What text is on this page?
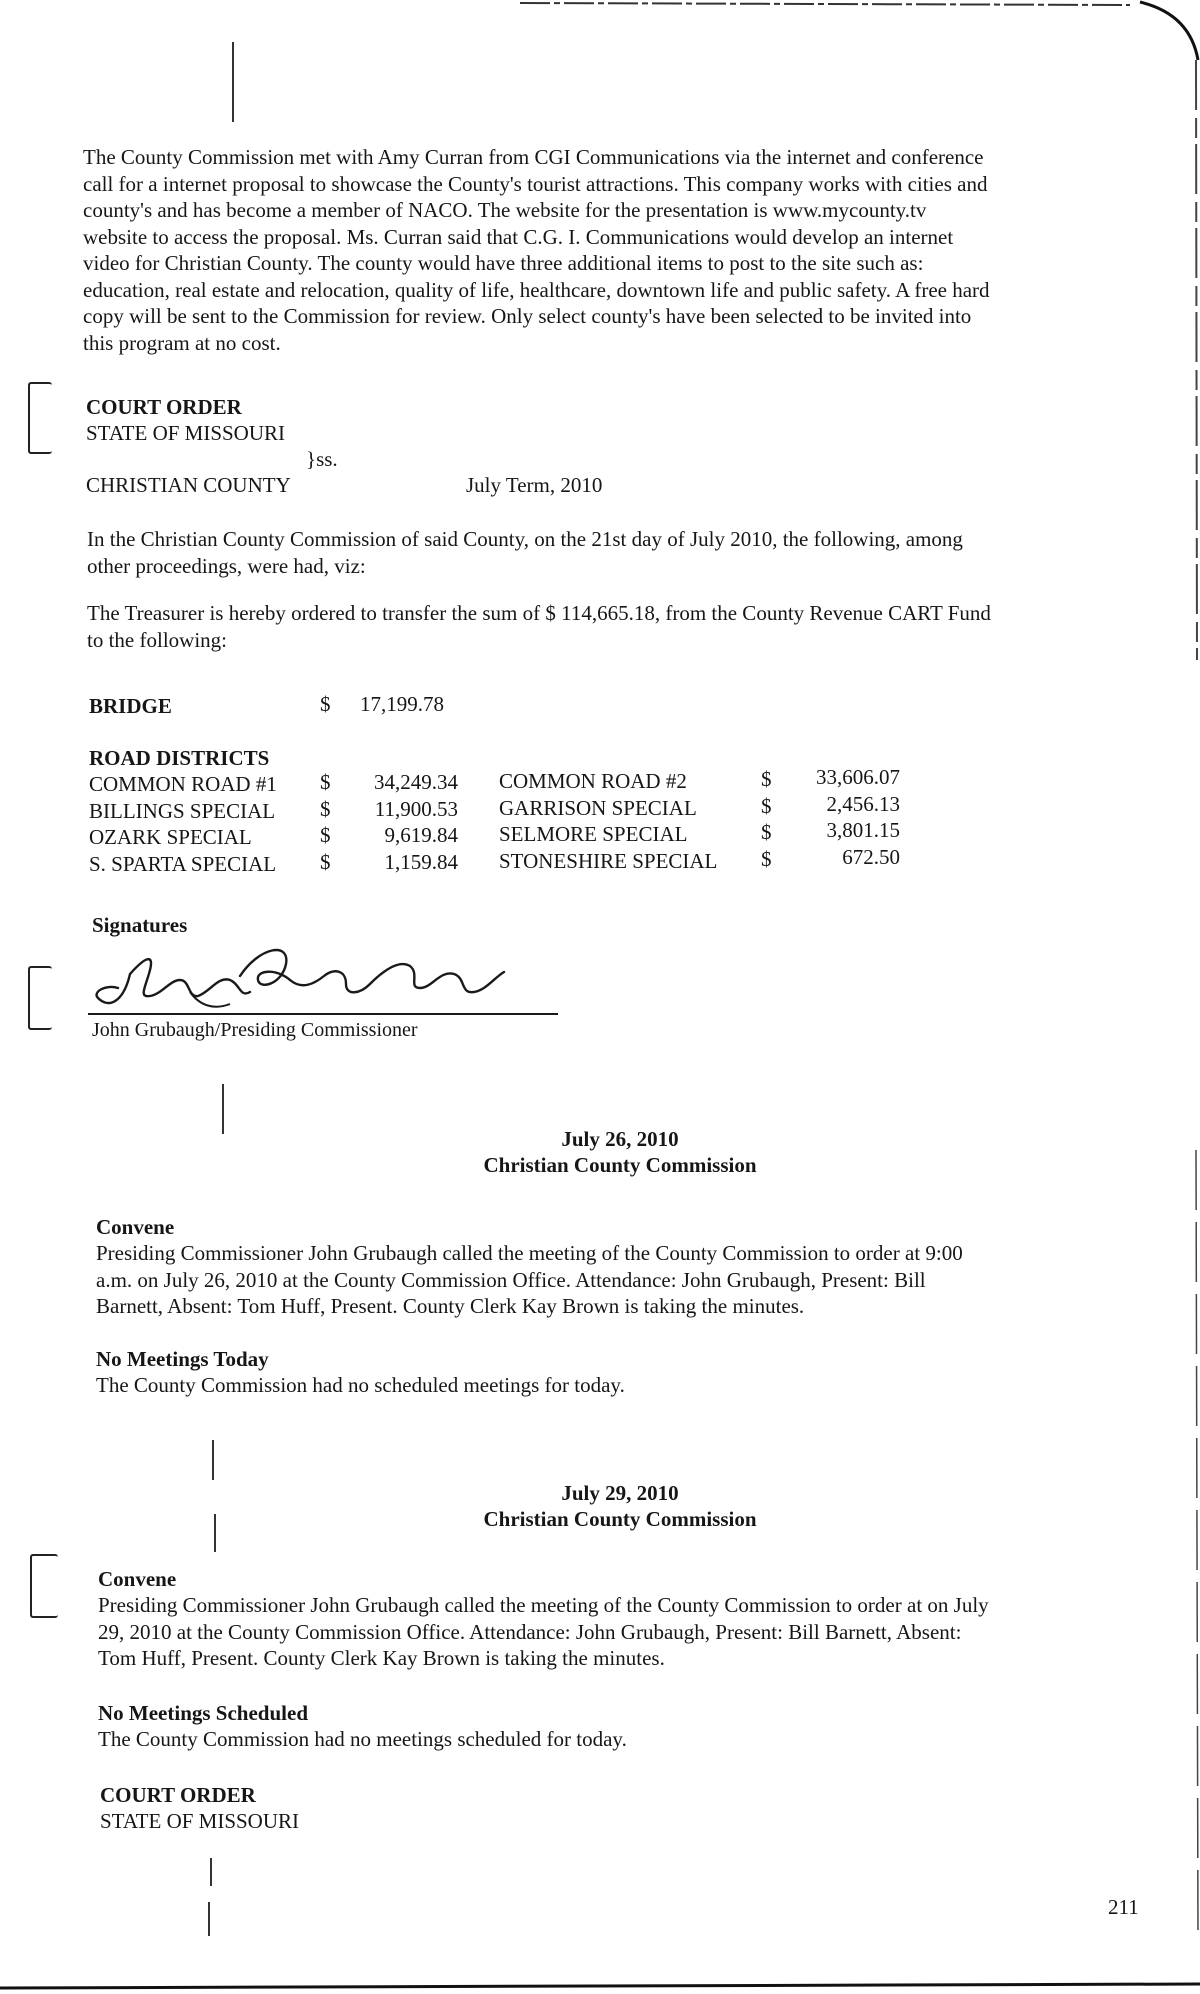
The County Commission met with Amy Curran from CGI Communications via the internet and conference
call for a internet proposal to showcase the County's tourist attractions. This company works with cities and
county's and has become a member of NACO. The website for the presentation is www.mycounty.tv
website to access the proposal. Ms. Curran said that C.G. I. Communications would develop an internet
video for Christian County. The county would have three additional items to post to the site such as:
education, real estate and relocation, quality of life, healthcare, downtown life and public safety. A free hard
copy will be sent to the Commission for review. Only select county's have been selected to be invited into
this program at no cost.
COURT ORDER
STATE OF MISSOURI
}ss.
CHRISTIAN COUNTY	July Term, 2010
In the Christian County Commission of said County, on the 21st day of July 2010, the following, among
other proceedings, were had, viz:
The Treasurer is hereby ordered to transfer the sum of $ 114,665.18, from the County Revenue CART Fund
to the following:
BRIDGE	$ 17,199.78
ROAD DISTRICTS
COMMON ROAD #1
BILLINGS SPECIAL
OZARK SPECIAL
S. SPARTA SPECIAL
$
$
$
$
34,249.34
11,900.53
9,619.84
1,159.84
COMMON ROAD #2
GARRISON SPECIAL
SELMORE SPECIAL
STONESHIRE SPECIAL
$
$
$
$
33,606.07
2,456.13
3,801.15
672.50
Signatures
John Grubaugh/Presiding Commissioner
July 26, 2010
Christian County Commission
Convene
Presiding Commissioner John Grubaugh called the meeting of the County Commission to order at 9:00
a.m. on July 26, 2010 at the County Commission Office. Attendance: John Grubaugh, Present: Bill
Barnett, Absent: Tom Huff, Present. County Clerk Kay Brown is taking the minutes.
No Meetings Today
The County Commission had no scheduled meetings for today.
July 29, 2010
Christian County Commission
Convene
Presiding Commissioner John Grubaugh called the meeting of the County Commission to order at on July
29, 2010 at the County Commission Office. Attendance: John Grubaugh, Present: Bill Barnett, Absent:
Tom Huff, Present. County Clerk Kay Brown is taking the minutes.
No Meetings Scheduled
The County Commission had no meetings scheduled for today.
COURT ORDER
STATE OF MISSOURI
211
